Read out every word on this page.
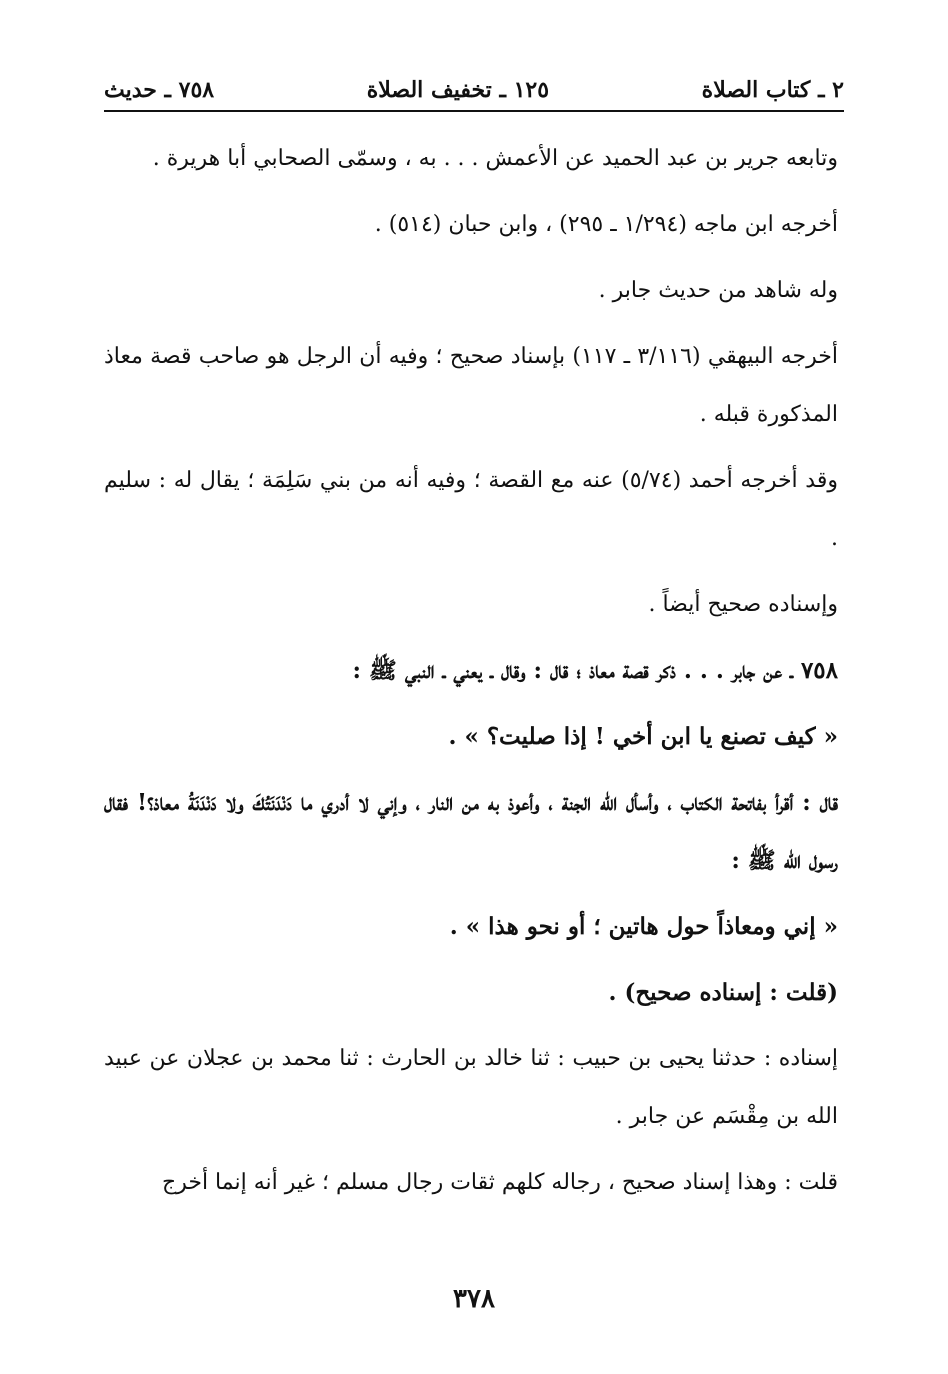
٢ ـ كتاب الصلاة
١٢٥ ـ تخفيف الصلاة
٧٥٨ ـ حديث

وتابعه جرير بن عبد الحميد عن الأعمش . . . به ، وسمّى الصحابي أبا هريرة .

أخرجه ابن ماجه (١/٢٩٤ ـ ٢٩٥) ، وابن حبان (٥١٤) .

وله شاهد من حديث جابر .

أخرجه البيهقي (٣/١١٦ ـ ١١٧) بإسناد صحيح ؛ وفيه أن الرجل هو صاحب قصة معاذ المذكورة قبله .

وقد أخرجه أحمد (٥/٧٤) عنه مع القصة ؛ وفيه أنه من بني سَلِمَة ؛ يقال له : سليم .

وإسناده صحيح أيضاً .

٧٥٨ ـ عن جابر . . . ذكر قصة معاذ ؛ قال : وقال ـ يعني ـ النبي ﷺ :

« كيف تصنع يا ابن أخي ! إذا صليت؟ » .

قال : أقرأ بفاتحة الكتاب ، وأسأل الله الجنة ، وأعوذ به من النار ، وإني لا أدري ما دَنْدَنَتُكَ ولا دَنْدَنَةُ معاذ؟! فقال رسول الله ﷺ :

« إني ومعاذاً حول هاتين ؛ أو نحو هذا » .

(قلت : إسناده صحيح) .

إسناده : حدثنا يحيى بن حبيب : ثنا خالد بن الحارث : ثنا محمد بن عجلان عن عبيد الله بن مِقْسَم عن جابر .

قلت : وهذا إسناد صحيح ، رجاله كلهم ثقات رجال مسلم ؛ غير أنه إنما أخرج

٣٧٨
